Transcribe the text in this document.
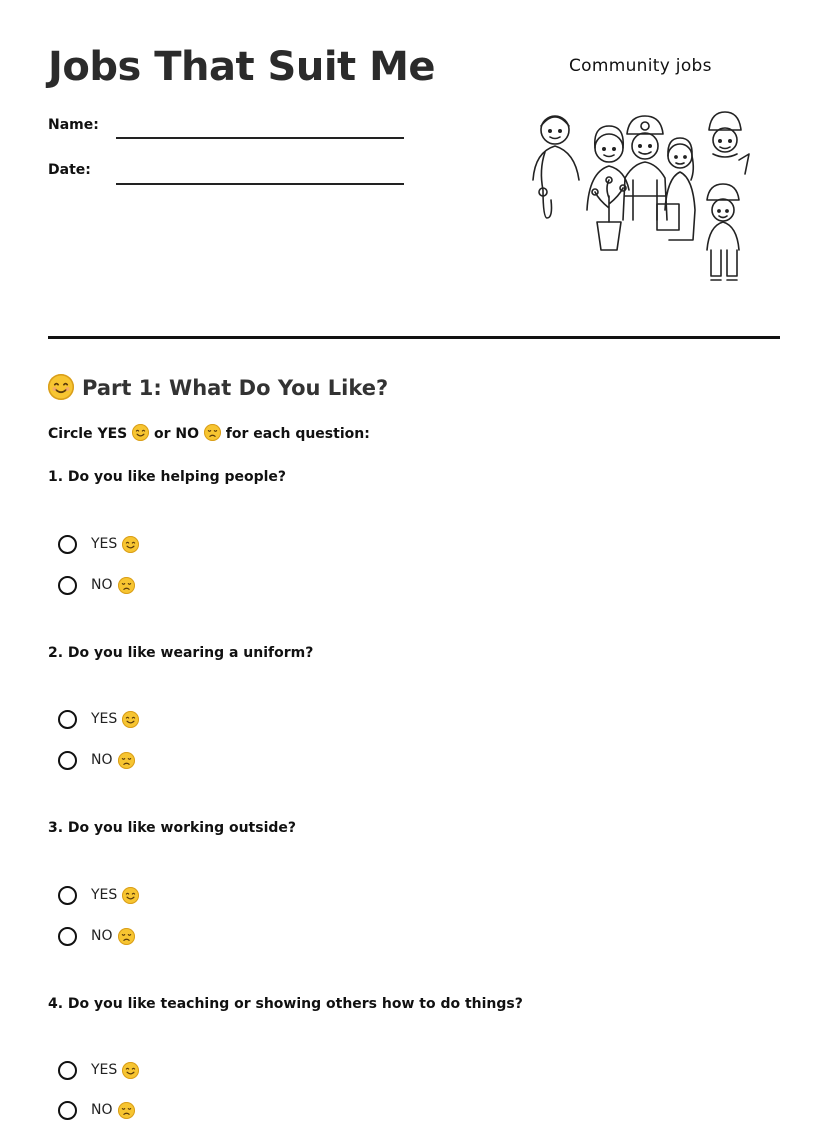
Jobs That Suit Me
Name:
Date:
Community jobs
Part 1: What Do You Like?
Circle YES or NO for each question:
1. Do you like helping people?
YES
NO
2. Do you like wearing a uniform?
YES
NO
3. Do you like working outside?
YES
NO
4. Do you like teaching or showing others how to do things?
YES
NO
